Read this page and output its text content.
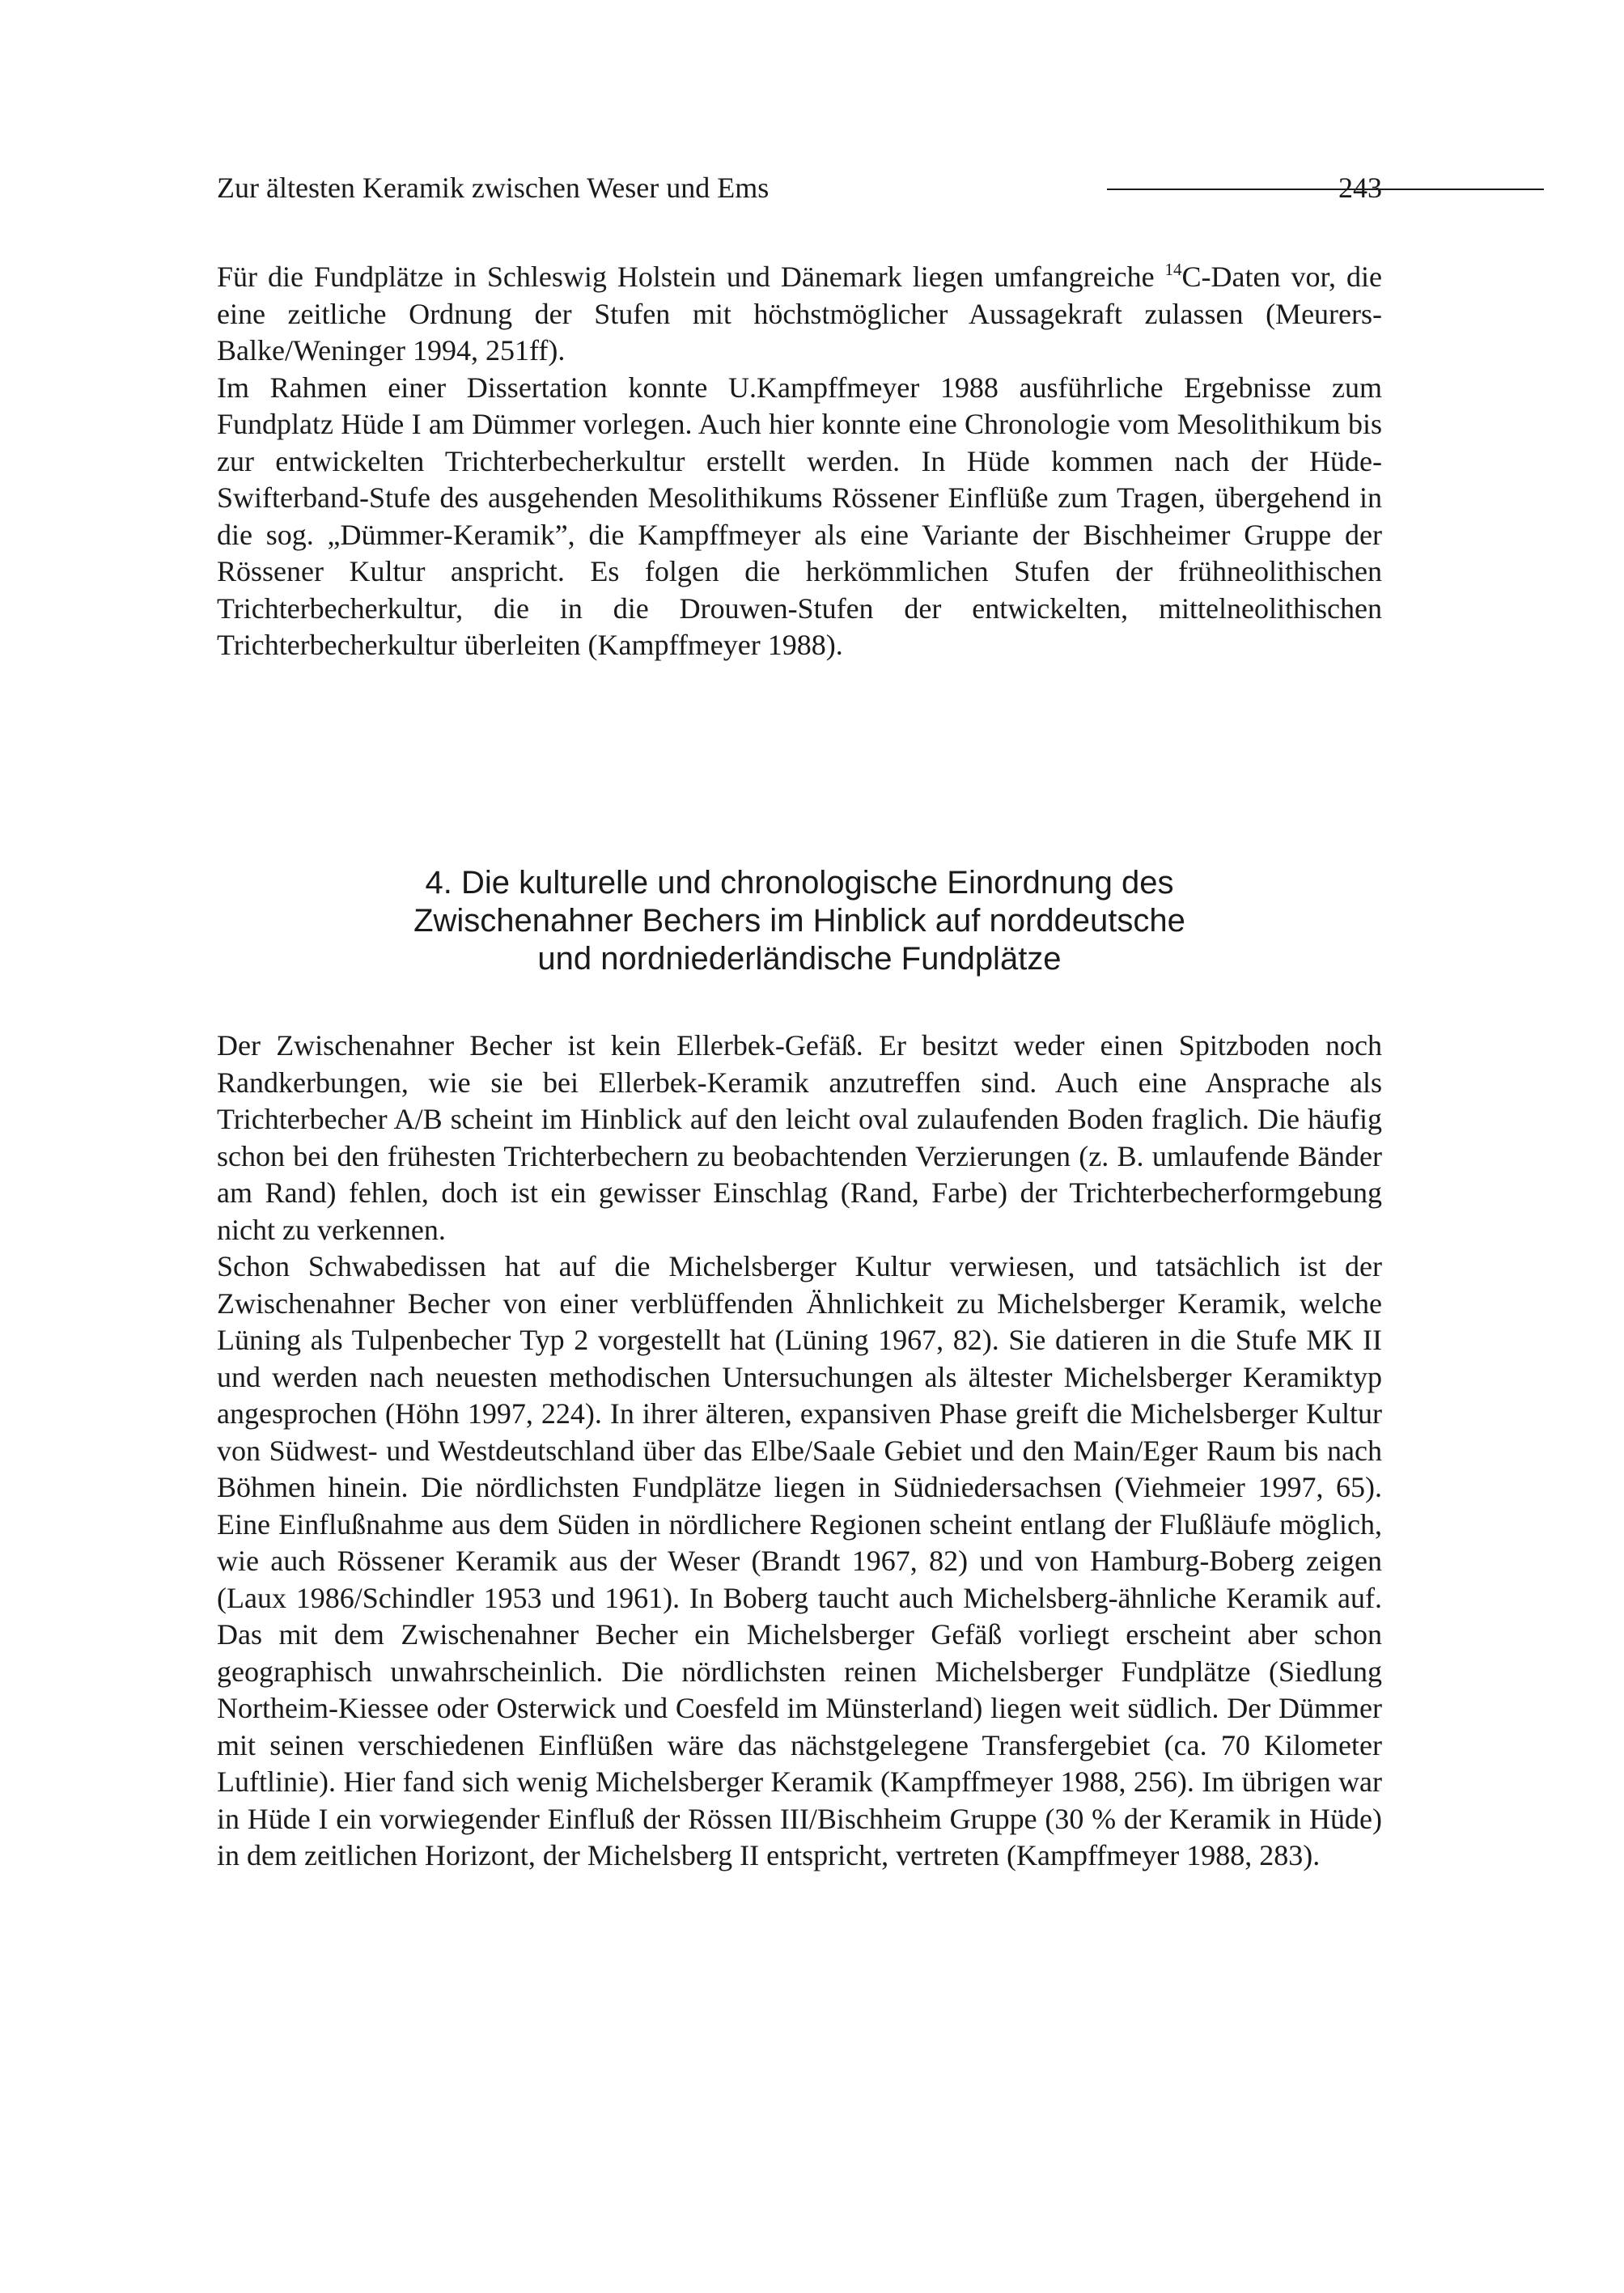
Zur ältesten Keramik zwischen Weser und Ems	243

Für die Fundplätze in Schleswig Holstein und Dänemark liegen umfangreiche $^{14}$C-Daten vor, die eine zeitliche Ordnung der Stufen mit höchstmöglicher Aussagekraft zulassen (Meurers-Balke/Weninger 1994, 251ff).

Im Rahmen einer Dissertation konnte U.Kampffmeyer 1988 ausführliche Ergebnisse zum Fundplatz Hüde I am Dümmer vorlegen. Auch hier konnte eine Chronologie vom Mesolithikum bis zur entwickelten Trichterbecherkultur erstellt werden. In Hüde kommen nach der Hüde-Swifterband-Stufe des ausgehenden Mesolithikums Rössener Einflüße zum Tragen, übergehend in die sog. „Dümmer-Keramik”, die Kampffmeyer als eine Variante der Bischheimer Gruppe der Rössener Kultur anspricht. Es folgen die herkömmlichen Stufen der frühneolithischen Trichterbecherkultur, die in die Drouwen-Stufen der entwickelten, mittelneolithischen Trichterbecherkultur überleiten (Kampffmeyer 1988).

4. Die kulturelle und chronologische Einordnung des
Zwischenahner Bechers im Hinblick auf norddeutsche
und nordniederländische Fundplätze

Der Zwischenahner Becher ist kein Ellerbek-Gefäß. Er besitzt weder einen Spitzboden noch Randkerbungen, wie sie bei Ellerbek-Keramik anzutreffen sind. Auch eine Ansprache als Trichterbecher A/B scheint im Hinblick auf den leicht oval zulaufenden Boden fraglich. Die häufig schon bei den frühesten Trichterbechern zu beobachtenden Verzierungen (z. B. umlaufende Bänder am Rand) fehlen, doch ist ein gewisser Einschlag (Rand, Farbe) der Trichterbecherformgebung nicht zu verkennen.

Schon Schwabedissen hat auf die Michelsberger Kultur verwiesen, und tatsächlich ist der Zwischenahner Becher von einer verblüffenden Ähnlichkeit zu Michelsberger Keramik, welche Lüning als Tulpenbecher Typ 2 vorgestellt hat (Lüning 1967, 82). Sie datieren in die Stufe MK II und werden nach neuesten methodischen Untersuchungen als ältester Michelsberger Keramiktyp angesprochen (Höhn 1997, 224). In ihrer älteren, expansiven Phase greift die Michelsberger Kultur von Südwest- und Westdeutschland über das Elbe/Saale Gebiet und den Main/Eger Raum bis nach Böhmen hinein. Die nördlichsten Fundplätze liegen in Südniedersachsen (Viehmeier 1997, 65). Eine Einflußnahme aus dem Süden in nördlichere Regionen scheint entlang der Flußläufe möglich, wie auch Rössener Keramik aus der Weser (Brandt 1967, 82) und von Hamburg-Boberg zeigen (Laux 1986/Schindler 1953 und 1961). In Boberg taucht auch Michelsberg-ähnliche Keramik auf. Das mit dem Zwischenahner Becher ein Michelsberger Gefäß vorliegt erscheint aber schon geographisch unwahrscheinlich. Die nördlichsten reinen Michelsberger Fundplätze (Siedlung Northeim-Kiessee oder Osterwick und Coesfeld im Münsterland) liegen weit südlich. Der Dümmer mit seinen verschiedenen Einflüßen wäre das nächstgelegene Transfergebiet (ca. 70 Kilometer Luftlinie). Hier fand sich wenig Michelsberger Keramik (Kampffmeyer 1988, 256). Im übrigen war in Hüde I ein vorwiegender Einfluß der Rössen III/Bischheim Gruppe (30 % der Keramik in Hüde) in dem zeitlichen Horizont, der Michelsberg II entspricht, vertreten (Kampffmeyer 1988, 283).
